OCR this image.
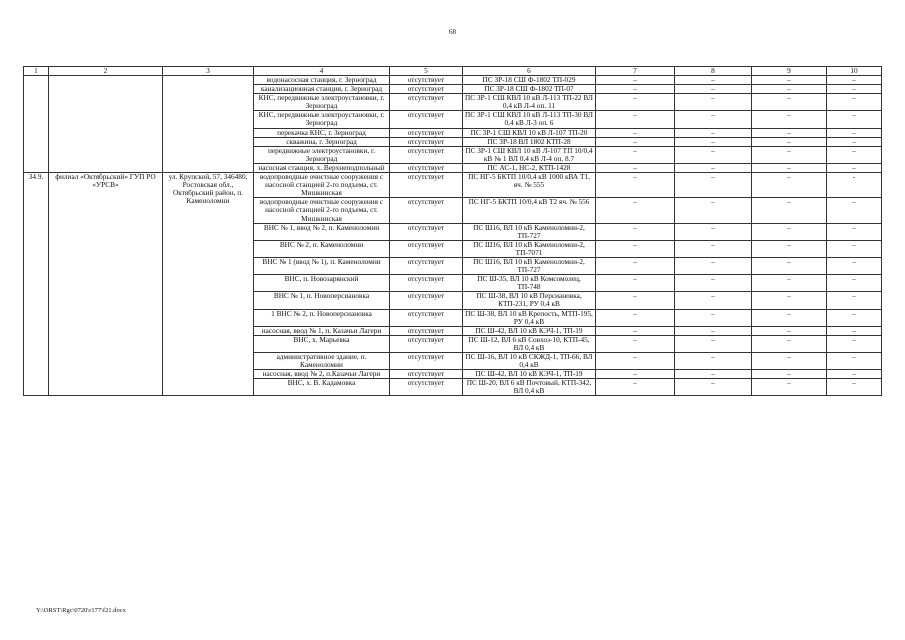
68
1	2	3	4	5	6	7	8	9	10
			водонасосная станция, г. Зерноград	отсутствует	ПС ЗР-18 СШ Ф-1802 ТП-029	–	–	–	–
			канализационная станция, г. Зерноград	отсутствует	ПС ЗР-18 СШ Ф-1802 ТП-07	–	–	–	–
			КНС, передвижные электроустановки, г. Зерноград	отсутствует	ПС ЗР-1 СШ КВЛ 10 кВ Л-113 ТП-22 ВЛ 0,4 кВ Л-4 оп. 11	–	–	–	–
			КНС, передвижные электроустановки, г. Зерноград	отсутствует	ПС ЗР-1 СШ КВЛ 10 кВ Л-113 ТП-30 ВЛ 0,4 кВ Л-3 оп. 6	–	–	–	–
			перекачка КНС, г. Зерноград	отсутствует	ПС ЗР-1 СШ КВЛ 10 кВ Л-107 ТП-20	–	–	–	–
			скважина, г. Зерноград	отсутствует	ПС ЗР-18 ВЛ 1802 КТП-28	–	–	–	–
			передвижные электроустановки, г. Зерноград	отсутствует	ПС ЗР-1 СШ КВЛ 10 кВ Л-107 ТП 10/0,4 кВ № 1 ВЛ 0,4 кВ Л-4 оп. 8.7	–	–	–	–
			насосная станция, х. Верхнеподпольный	отсутствует	ПС АС-1, НС-2, КТП-1428	–	–	–	–
34.9.	филиал «Октябрьский» ГУП РО «УРСВ»	ул. Крупской, 57, 346480, Ростовская обл., Октябрьский район, п. Каменоломни	водопроводные очистные сооружения с насосной станцией 2-го подъема, ст. Мишкинская	отсутствует	ПС НГ-5 БКТП 10/0,4 кВ 1000 кВА Т1, яч. № 555	–	–	–	-
			водопроводные очистные сооружения с насосной станцией 2-го подъема, ст. Мишкинская	отсутствует	ПС НГ-5 БКТП 10/0,4 кВ Т2 яч. № 556	–	–	–	–
			ВНС № 1, ввод № 2, п. Каменоломни	отсутствует	ПС Ш16, ВЛ 10 кВ Каменоломни-2, ТП-727	–	–	–	–
			ВНС № 2, п. Каменоломни	отсутствует	ПС Ш16, ВЛ 10 кВ Каменоломни-2, ТП-7071	–	–	–	–
			ВНС № 1 (ввод № 1), п. Каменоломни	отсутствует	ПС Ш16, ВЛ 10 кВ Каменоломни-2, ТП-727	–	–	–	–
			ВНС, п. Новозарянский	отсутствует	ПС Ш-35, ВЛ 10 кВ Комсомолец, ТП-748	–	–	–	–
			ВНС № 1, п. Новоперсиановка	отсутствует	ПС Ш-38, ВЛ 10 кВ Персиановка, КТП-231, РУ 0,4 кВ	–	–	–	–
			1 ВНС № 2, п. Новоперсиановка	отсутствует	ПС Ш-38, ВЛ 10 кВ Крепость, МТП-195, РУ 0,4 кВ	–	–	–	–
			насосная, ввод № 1, п. Казачьи Лагери	отсутствует	ПС Ш-42, ВЛ 10 кВ КЭЧ-1, ТП-19	–	–	–	–
			ВНС, х. Марьевка	отсутствует	ПС Ш-12, ВЛ 6 кВ Совхоз-10, КТП-45, ВЛ 0,4 кВ	–	–	–	–
			административное здание, п. Каменоломни	отсутствует	ПС Ш-16, ВЛ 10 кВ СКЖД-1, ТП-66, ВЛ 0,4 кВ	–	–	–	–
			насосная, ввод № 2, п.Казачьи Лагери	отсутствует	ПС Ш-42, ВЛ 10 кВ КЭЧ-1, ТП-19	–	–	–	–
			ВНС, х. В. Кадамовка	отсутствует	ПС Ш-20, ВЛ 6 кВ Почтовый, КТП-342, ВЛ 0,4 кВ	–	–	–	–
Y:\ORST\Rgc\0720\r177\f21.docx
